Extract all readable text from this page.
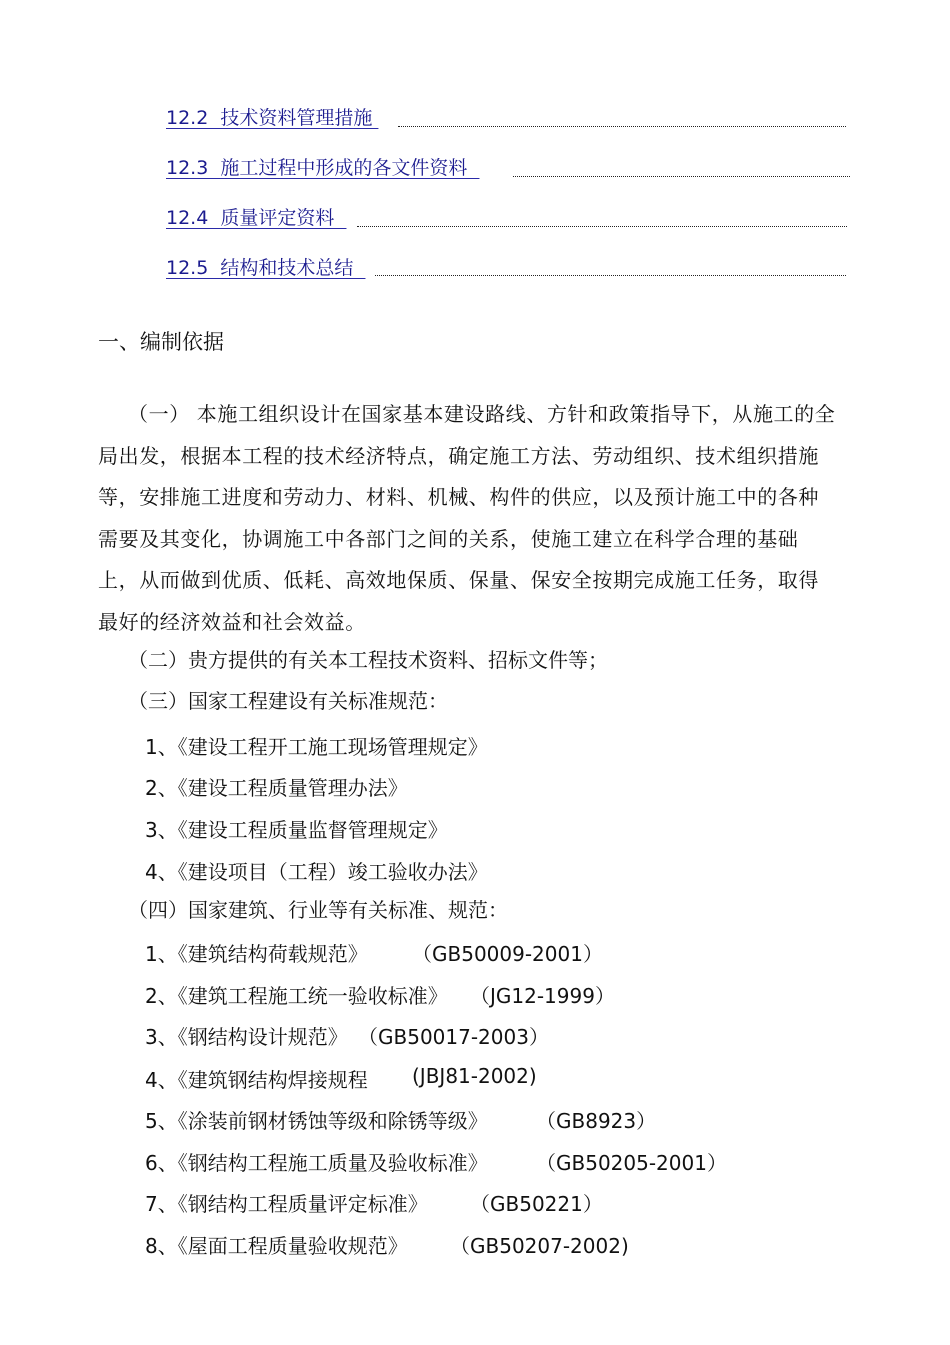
12.2  技术资料管理措施
12.3  施工过程中形成的各文件资料
12.4  质量评定资料
12.5  结构和技术总结
一、编制依据
（一） 本施工组织设计在国家基本建设路线、方针和政策指导下，从施工的全局出发，根据本工程的技术经济特点，确定施工方法、劳动组织、技术组织措施等，安排施工进度和劳动力、材料、机械、构件的供应，以及预计施工中的各种需要及其变化，协调施工中各部门之间的关系，使施工建立在科学合理的基础上，从而做到优质、低耗、高效地保质、保量、保安全按期完成施工任务，取得最好的经济效益和社会效益。
（二）贵方提供的有关本工程技术资料、招标文件等；
（三）国家工程建设有关标准规范：
1、《建设工程开工施工现场管理规定》
2、《建设工程质量管理办法》
3、《建设工程质量监督管理规定》
4、《建设项目（工程）竣工验收办法》
（四）国家建筑、行业等有关标准、规范：
1、《建筑结构荷载规范》 （GB50009-2001）
2、《建筑工程施工统一验收标准》 （JG12-1999）
3、《钢结构设计规范》 （GB50017-2003）
4、《建筑钢结构焊接规程 (JBJ81-2002)
5、《涂装前钢材锈蚀等级和除锈等级》 （GB8923）
6、《钢结构工程施工质量及验收标准》 （GB50205-2001）
7、《钢结构工程质量评定标准》 （GB50221）
8、《屋面工程质量验收规范》 （GB50207-2002)
